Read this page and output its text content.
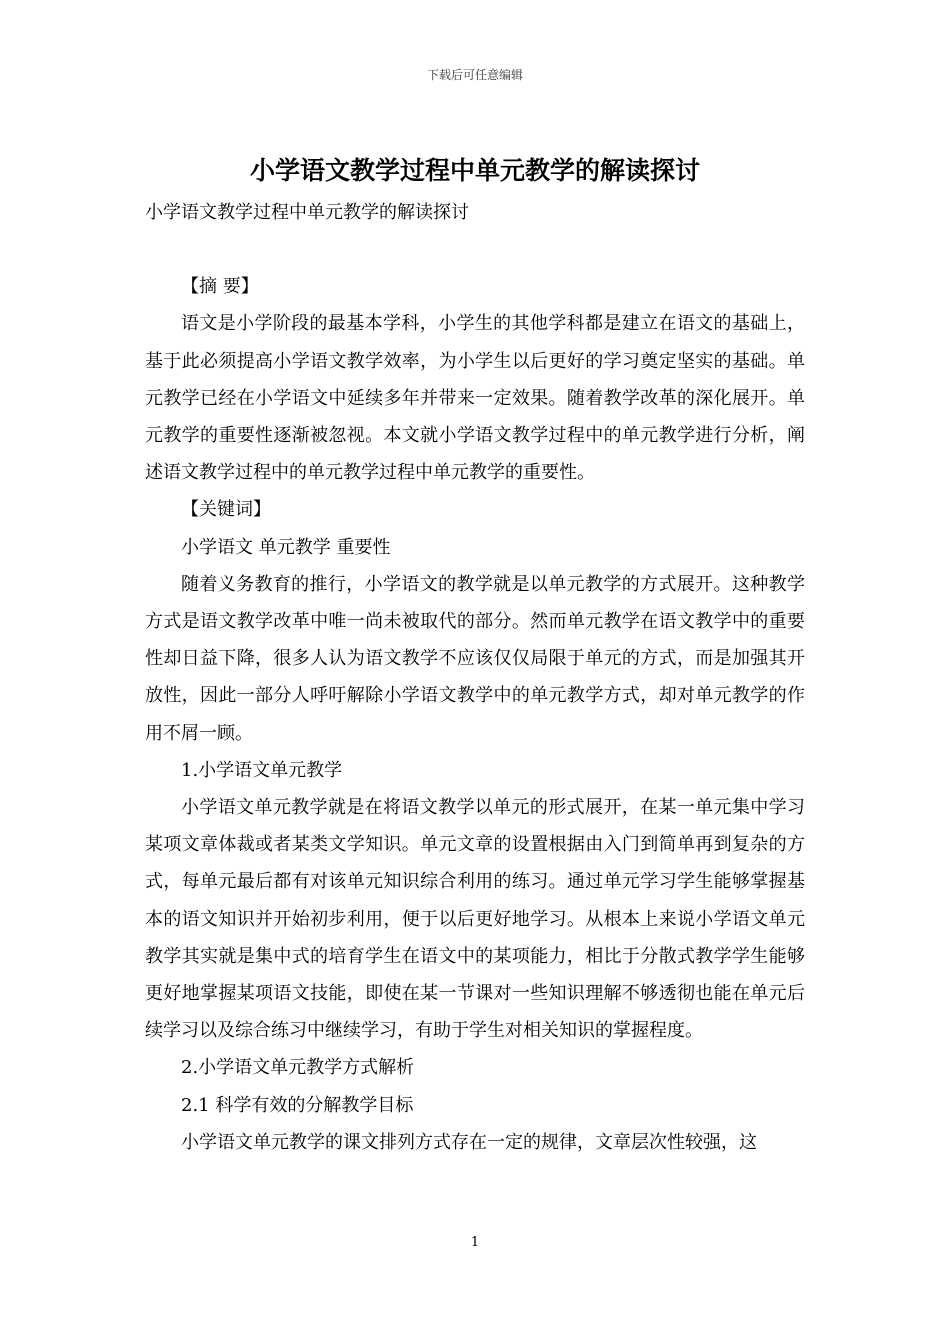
下载后可任意编辑
小学语文教学过程中单元教学的解读探讨

小学语文教学过程中单元教学的解读探讨

【摘 要】

语文是小学阶段的最基本学科，小学生的其他学科都是建立在语文的基础上，基于此必须提高小学语文教学效率，为小学生以后更好的学习奠定坚实的基础。单元教学已经在小学语文中延续多年并带来一定效果。随着教学改革的深化展开。单元教学的重要性逐渐被忽视。本文就小学语文教学过程中的单元教学进行分析，阐述语文教学过程中的单元教学过程中单元教学的重要性。

【关键词】

小学语文 单元教学 重要性

随着义务教育的推行，小学语文的教学就是以单元教学的方式展开。这种教学方式是语文教学改革中唯一尚未被取代的部分。然而单元教学在语文教学中的重要性却日益下降，很多人认为语文教学不应该仅仅局限于单元的方式，而是加强其开放性，因此一部分人呼吁解除小学语文教学中的单元教学方式，却对单元教学的作用不屑一顾。

1.小学语文单元教学

小学语文单元教学就是在将语文教学以单元的形式展开，在某一单元集中学习某项文章体裁或者某类文学知识。单元文章的设置根据由入门到简单再到复杂的方式，每单元最后都有对该单元知识综合利用的练习。通过单元学习学生能够掌握基本的语文知识并开始初步利用，便于以后更好地学习。从根本上来说小学语文单元教学其实就是集中式的培育学生在语文中的某项能力，相比于分散式教学学生能够更好地掌握某项语文技能，即使在某一节课对一些知识理解不够透彻也能在单元后续学习以及综合练习中继续学习，有助于学生对相关知识的掌握程度。

2.小学语文单元教学方式解析

2.1 科学有效的分解教学目标

小学语文单元教学的课文排列方式存在一定的规律，文章层次性较强，这

1
